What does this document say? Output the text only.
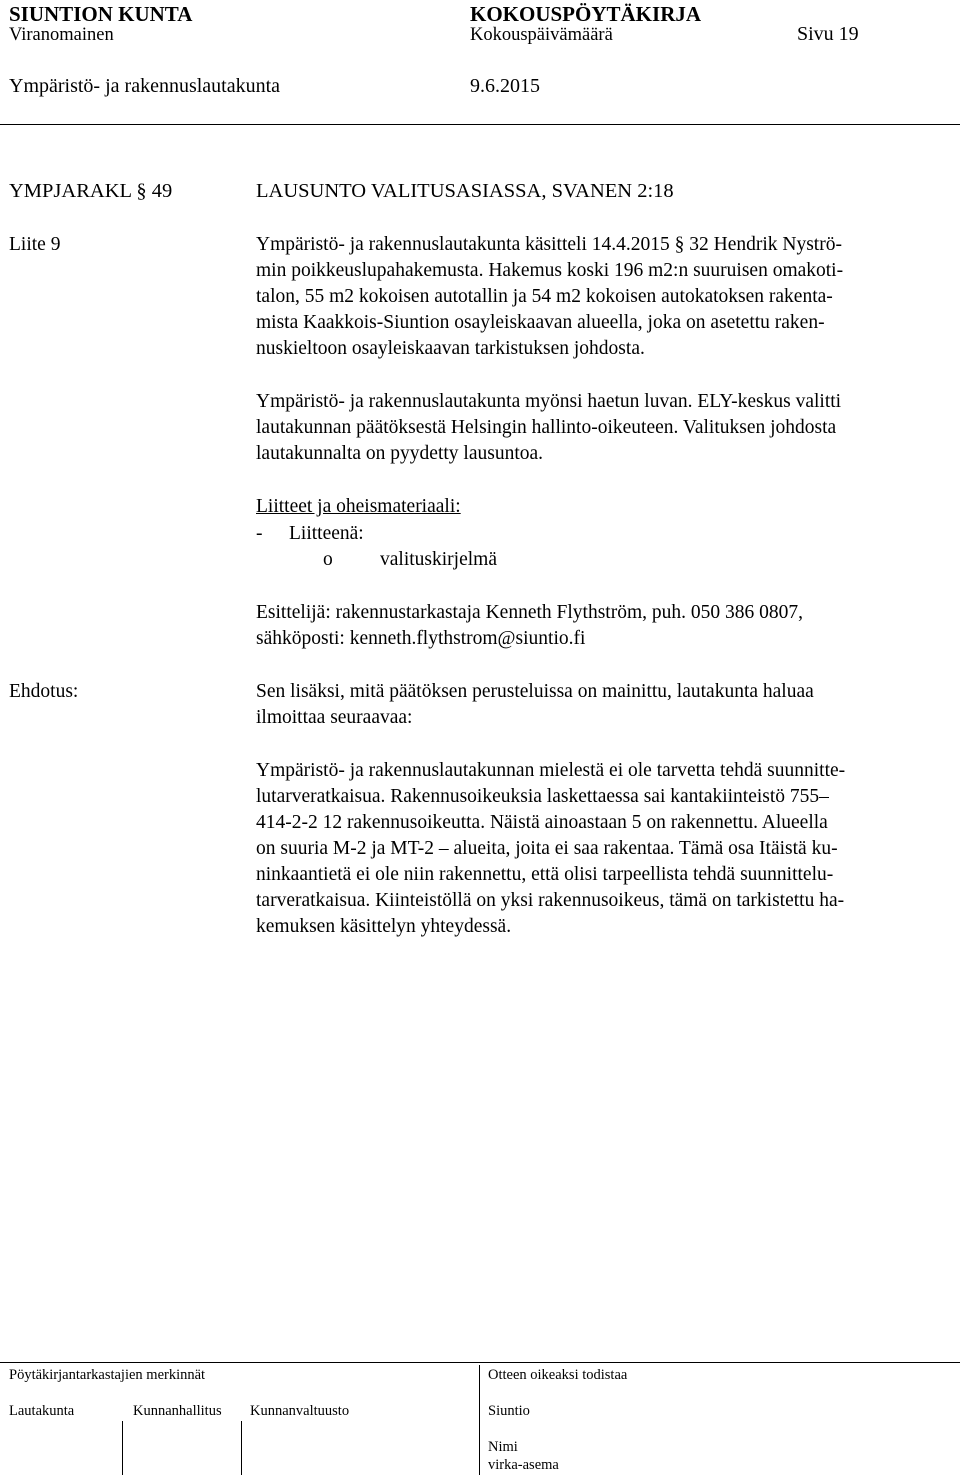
SIUNTION KUNTA	KOKOUSPÖYTÄKIRJA
Viranomainen	Kokouspäivämäärä	Sivu 19
Ympäristö- ja rakennuslautakunta	9.6.2015
YMPJARAKL § 49	LAUSUNTO VALITUSASIASSA, SVANEN 2:18
Liite 9	Ympäristö- ja rakennuslautakunta käsitteli 14.4.2015 § 32 Hendrik Nyströ-
min poikkeuslupahakemusta. Hakemus koski 196 m2:n suuruisen omakoti-
talon, 55 m2 kokoisen autotallin ja 54 m2 kokoisen autokatoksen rakenta-
mista Kaakkois-Siuntion osayleiskaavan alueella, joka on asetettu raken-
nuskieltoon osayleiskaavan tarkistuksen johdosta.
Ympäristö- ja rakennuslautakunta myönsi haetun luvan. ELY-keskus valitti
lautakunnan päätöksestä Helsingin hallinto-oikeuteen. Valituksen johdosta
lautakunnalta on pyydetty lausuntoa.
Liitteet ja oheismateriaali:
- Liitteenä:
o valituskirjelmä
Esittelijä: rakennustarkastaja Kenneth Flythström, puh. 050 386 0807,
sähköposti: kenneth.flythstrom@siuntio.fi
Ehdotus:	Sen lisäksi, mitä päätöksen perusteluissa on mainittu, lautakunta haluaa
ilmoittaa seuraavaa:
Ympäristö- ja rakennuslautakunnan mielestä ei ole tarvetta tehdä suunnitte-
lutarveratkaisua. Rakennusoikeuksia laskettaessa sai kantakiinteistö 755–
414-2-2 12 rakennusoikeutta. Näistä ainoastaan 5 on rakennettu. Alueella
on suuria M-2 ja MT-2 – alueita, joita ei saa rakentaa. Tämä osa Itäistä ku-
ninkaantietä ei ole niin rakennettu, että olisi tarpeellista tehdä suunnittelu-
tarveratkaisua. Kiinteistöllä on yksi rakennusoikeus, tämä on tarkistettu ha-
kemuksen käsittelyn yhteydessä.
Pöytäkirjantarkastajien merkinnät	Otteen oikeaksi todistaa
Lautakunta	Kunnanhallitus Kunnanvaltuusto	Siuntio
Nimi
virka-asema
